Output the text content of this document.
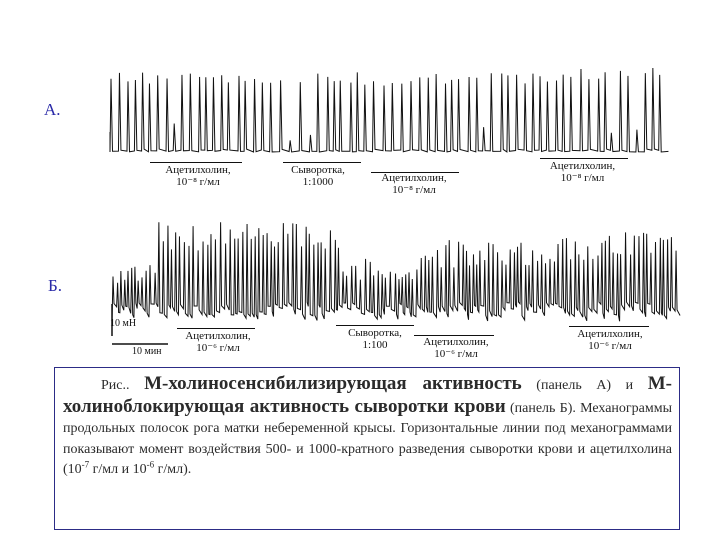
А.
Ацетилхолин,
10⁻⁸ г/мл
Сыворотка,
1:1000	Ацетилхолин,
10⁻⁸ г/мл
Ацетилхолин,
10⁻⁸ г/мл
Б.
10 мН
10 мин
Ацетилхолин,
10⁻⁶ г/мл
Сыворотка,
1:100	Ацетилхолин,
10⁻⁶ г/мл
Ацетилхолин,
10⁻⁶ г/мл
Рис.. М-холиносенсибилизирующая активность (панель А) и М-холиноблокирующая активность сыворотки крови (панель Б). Механограммы продольных полосок рога матки небеременной крысы. Горизонтальные линии под механограммами показывают момент воздействия 500- и 1000-кратного разведения сыворотки крови и ацетилхолина ($10^{-7}$ г/мл и $10^{-6}$ г/мл).
